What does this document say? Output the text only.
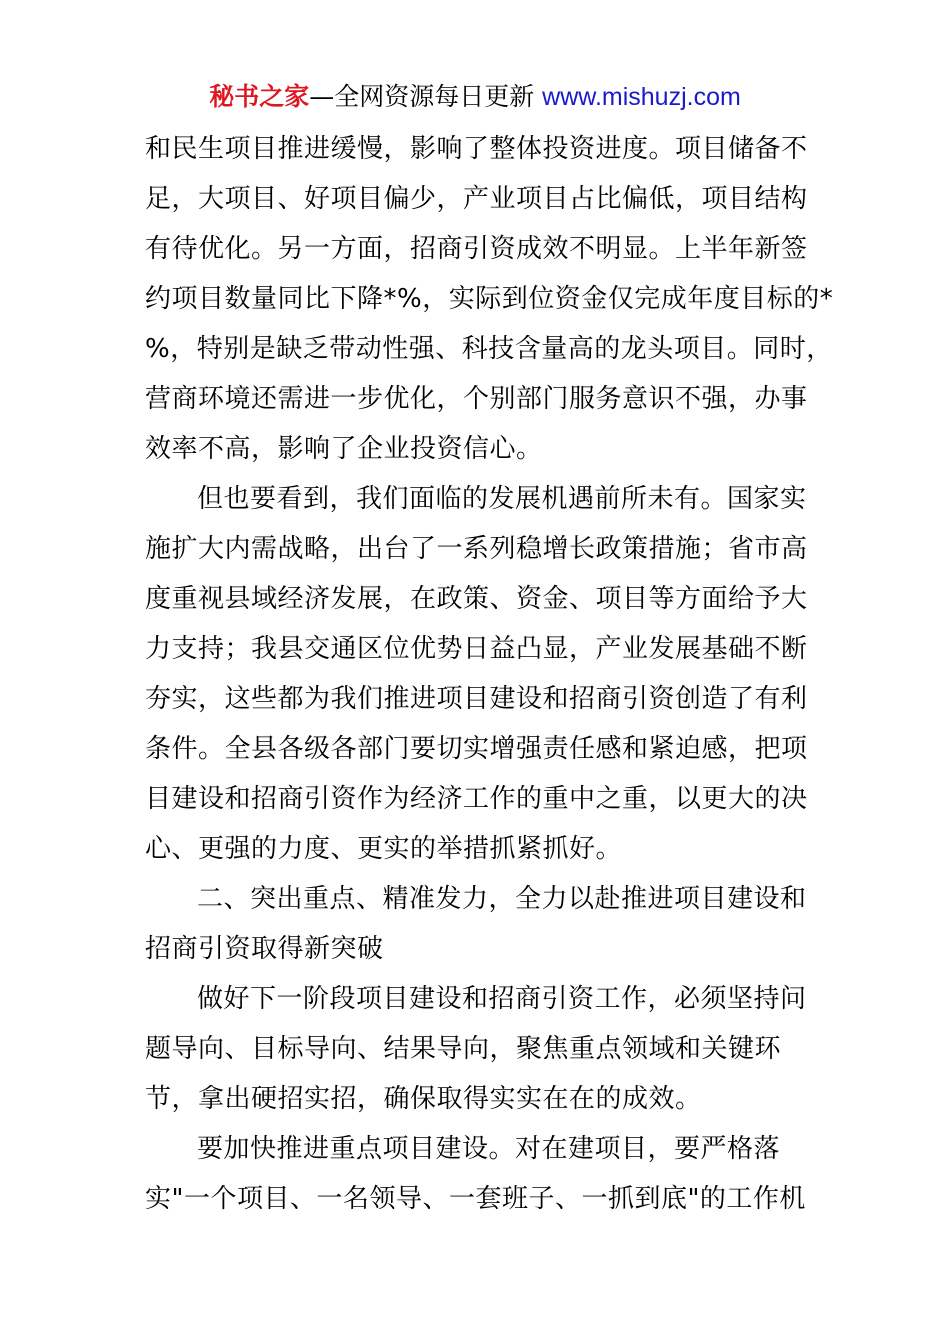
秘书之家—全网资源每日更新 www.mishuzj.com
和民生项目推进缓慢，影响了整体投资进度。项目储备不
足，大项目、好项目偏少，产业项目占比偏低，项目结构
有待优化。另一方面，招商引资成效不明显。上半年新签
约项目数量同比下降*%，实际到位资金仅完成年度目标的*
%，特别是缺乏带动性强、科技含量高的龙头项目。同时，
营商环境还需进一步优化，个别部门服务意识不强，办事
效率不高，影响了企业投资信心。
但也要看到，我们面临的发展机遇前所未有。国家实
施扩大内需战略，出台了一系列稳增长政策措施；省市高
度重视县域经济发展，在政策、资金、项目等方面给予大
力支持；我县交通区位优势日益凸显，产业发展基础不断
夯实，这些都为我们推进项目建设和招商引资创造了有利
条件。全县各级各部门要切实增强责任感和紧迫感，把项
目建设和招商引资作为经济工作的重中之重，以更大的决
心、更强的力度、更实的举措抓紧抓好。
二、突出重点、精准发力，全力以赴推进项目建设和
招商引资取得新突破
做好下一阶段项目建设和招商引资工作，必须坚持问
题导向、目标导向、结果导向，聚焦重点领域和关键环
节，拿出硬招实招，确保取得实实在在的成效。
要加快推进重点项目建设。对在建项目，要严格落
实"一个项目、一名领导、一套班子、一抓到底"的工作机
